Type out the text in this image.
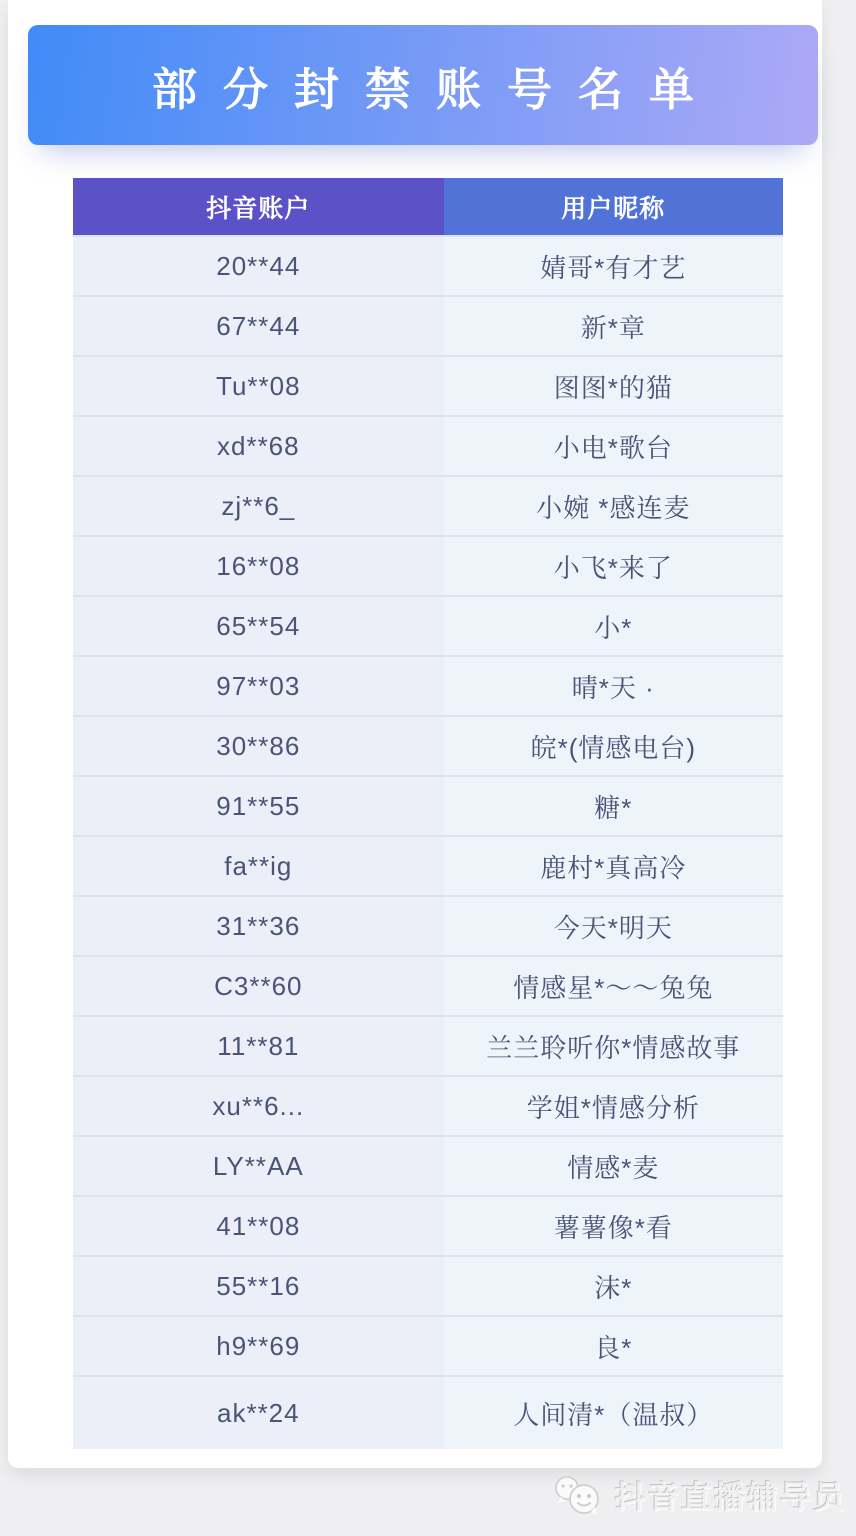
部分封禁账号名单
抖音账户	用户昵称
20**44	婧哥*有才艺
67**44	新*章
Tu**08	图图*的猫
xd**68	小电*歌台
zj**6_	小婉 *感连麦
16**08	小飞*来了
65**54	小*
97**03	晴*天 ·
30**86	皖*(情感电台)
91**55	糖*
fa**ig	鹿村*真高冷
31**36	今天*明天
C3**60	情感星*～～兔兔
11**81	兰兰聆听你*情感故事
xu**6...	学姐*情感分析
LY**AA	情感*麦
41**08	薯薯像*看
55**16	沫*
h9**69	良*
ak**24	人间清*（温叔）
抖音直播辅导员
